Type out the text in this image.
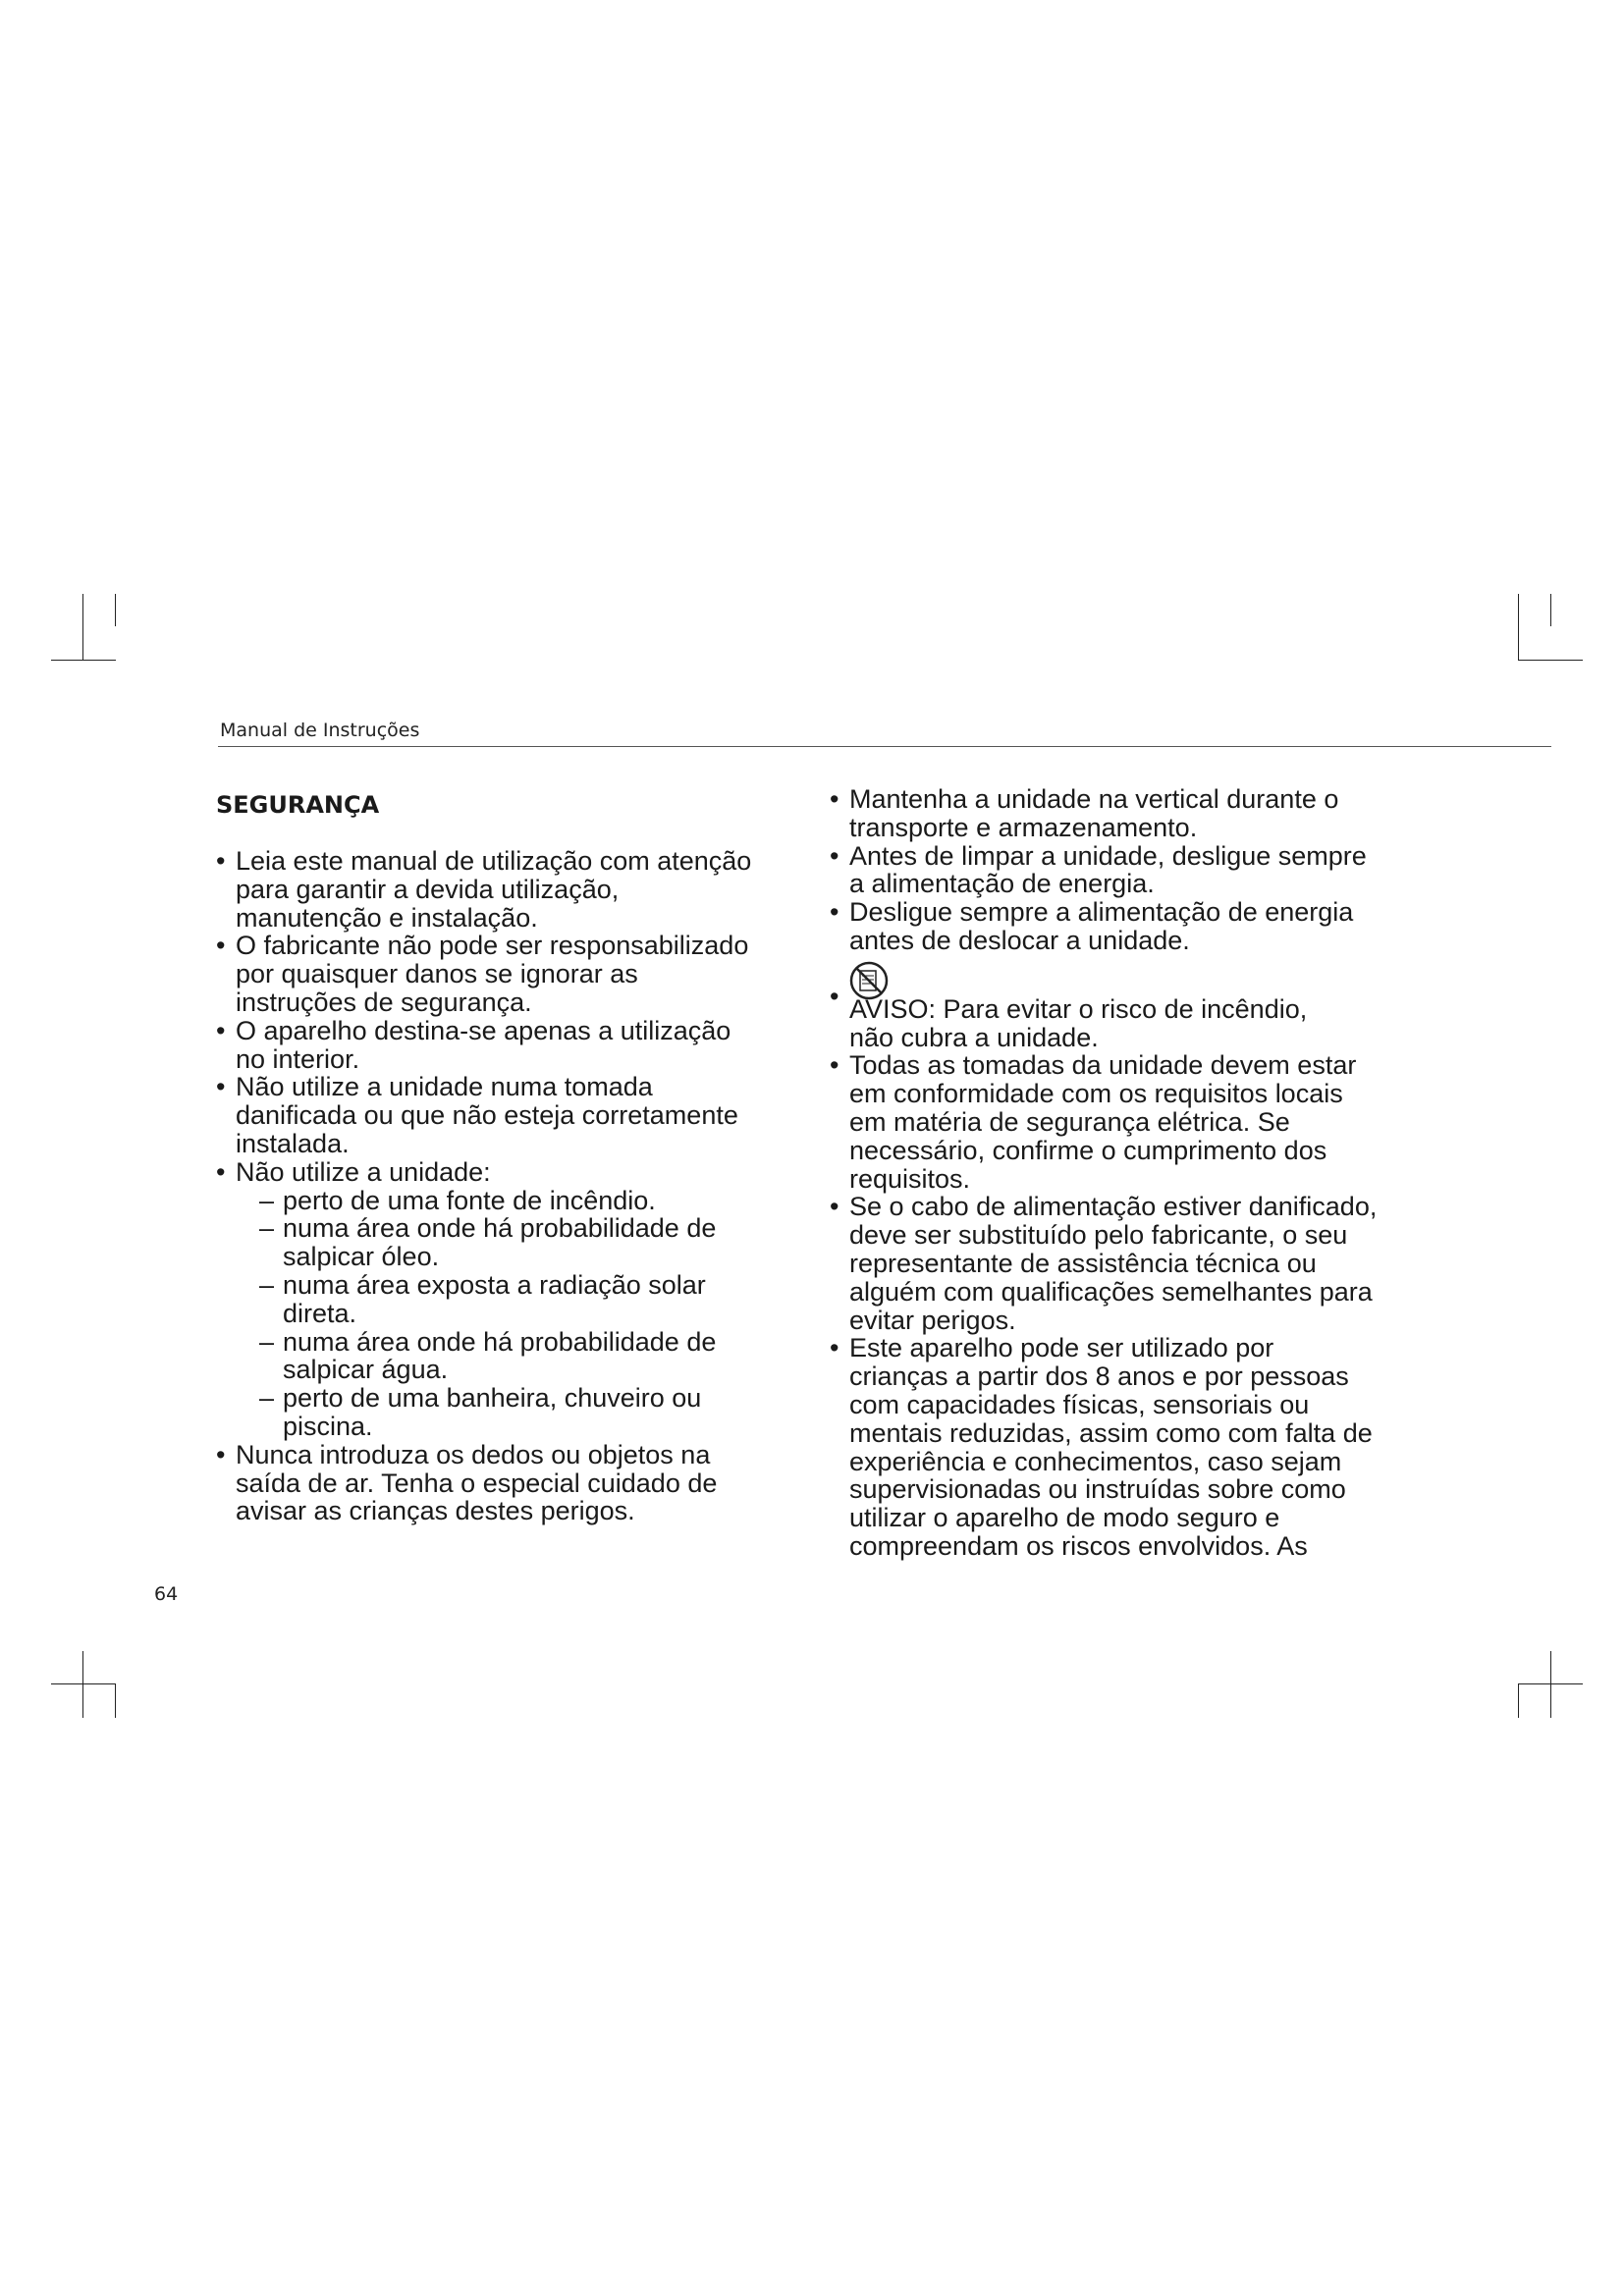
Manual de Instruções
SEGURANÇA
• Leia este manual de utilização com atenção
para garantir a devida utilização,
manutenção e instalação.
• O fabricante não pode ser responsabilizado
por quaisquer danos se ignorar as
instruções de segurança.
• O aparelho destina-se apenas a utilização
no interior.
• Não utilize a unidade numa tomada
danificada ou que não esteja corretamente
instalada.
• Não utilize a unidade:
– perto de uma fonte de incêndio.
– numa área onde há probabilidade de
salpicar óleo.
– numa área exposta a radiação solar
direta.
– numa área onde há probabilidade de
salpicar água.
– perto de uma banheira, chuveiro ou
piscina.
• Nunca introduza os dedos ou objetos na
saída de ar. Tenha o especial cuidado de
avisar as crianças destes perigos.
• Mantenha a unidade na vertical durante o
transporte e armazenamento.
• Antes de limpar a unidade, desligue sempre
a alimentação de energia.
• Desligue sempre a alimentação de energia
antes de deslocar a unidade.
• AVISO: Para evitar o risco de incêndio,
não cubra a unidade.
• Todas as tomadas da unidade devem estar
em conformidade com os requisitos locais
em matéria de segurança elétrica. Se
necessário, confirme o cumprimento dos
requisitos.
• Se o cabo de alimentação estiver danificado,
deve ser substituído pelo fabricante, o seu
representante de assistência técnica ou
alguém com qualificações semelhantes para
evitar perigos.
• Este aparelho pode ser utilizado por
crianças a partir dos 8 anos e por pessoas
com capacidades físicas, sensoriais ou
mentais reduzidas, assim como com falta de
experiência e conhecimentos, caso sejam
supervisionadas ou instruídas sobre como
utilizar o aparelho de modo seguro e
compreendam os riscos envolvidos. As
64
